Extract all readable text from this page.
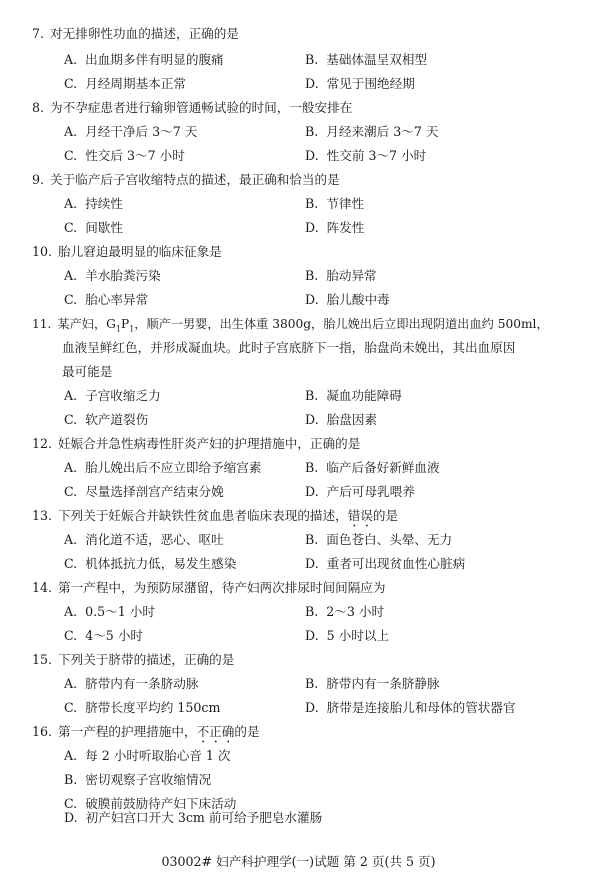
7. 对无排卵性功血的描述，正确的是
A. 出血期多伴有明显的腹痛	B. 基础体温呈双相型
C. 月经周期基本正常	D. 常见于围绝经期
8. 为不孕症患者进行输卵管通畅试验的时间，一般安排在
A. 月经干净后 3～7 天	B. 月经来潮后 3～7 天
C. 性交后 3～7 小时	D. 性交前 3～7 小时
9. 关于临产后子宫收缩特点的描述，最正确和恰当的是
A. 持续性	B. 节律性
C. 间歇性	D. 阵发性
10. 胎儿窘迫最明显的临床征象是
A. 羊水胎粪污染	B. 胎动异常
C. 胎心率异常	D. 胎儿酸中毒
11. 某产妇，$G_1P_1$，顺产一男婴，出生体重 3800g，胎儿娩出后立即出现阴道出血约 500ml，
血液呈鲜红色，并形成凝血块。此时子宫底脐下一指，胎盘尚未娩出，其出血原因
最可能是
A. 子宫收缩乏力	B. 凝血功能障碍
C. 软产道裂伤	D. 胎盘因素
12. 妊娠合并急性病毒性肝炎产妇的护理措施中，正确的是
A. 胎儿娩出后不应立即给予缩宫素	B. 临产后备好新鲜血液
C. 尽量选择剖宫产结束分娩	D. 产后可母乳喂养
13. 下列关于妊娠合并缺铁性贫血患者临床表现的描述，错误的是
A. 消化道不适，恶心、呕吐	B. 面色苍白、头晕、无力
C. 机体抵抗力低，易发生感染	D. 重者可出现贫血性心脏病
14. 第一产程中，为预防尿潴留，待产妇两次排尿时间间隔应为
A. 0.5～1 小时	B. 2～3 小时
C. 4～5 小时	D. 5 小时以上
15. 下列关于脐带的描述，正确的是
A. 脐带内有一条脐动脉	B. 脐带内有一条脐静脉
C. 脐带长度平均约 150cm	D. 脐带是连接胎儿和母体的管状器官
16. 第一产程的护理措施中，不正确的是
A. 每 2 小时听取胎心音 1 次
B. 密切观察子宫收缩情况
C. 破膜前鼓励待产妇下床活动
D. 初产妇宫口开大 3cm 前可给予肥皂水灌肠
03002# 妇产科护理学(一)试题 第 2 页(共 5 页)
